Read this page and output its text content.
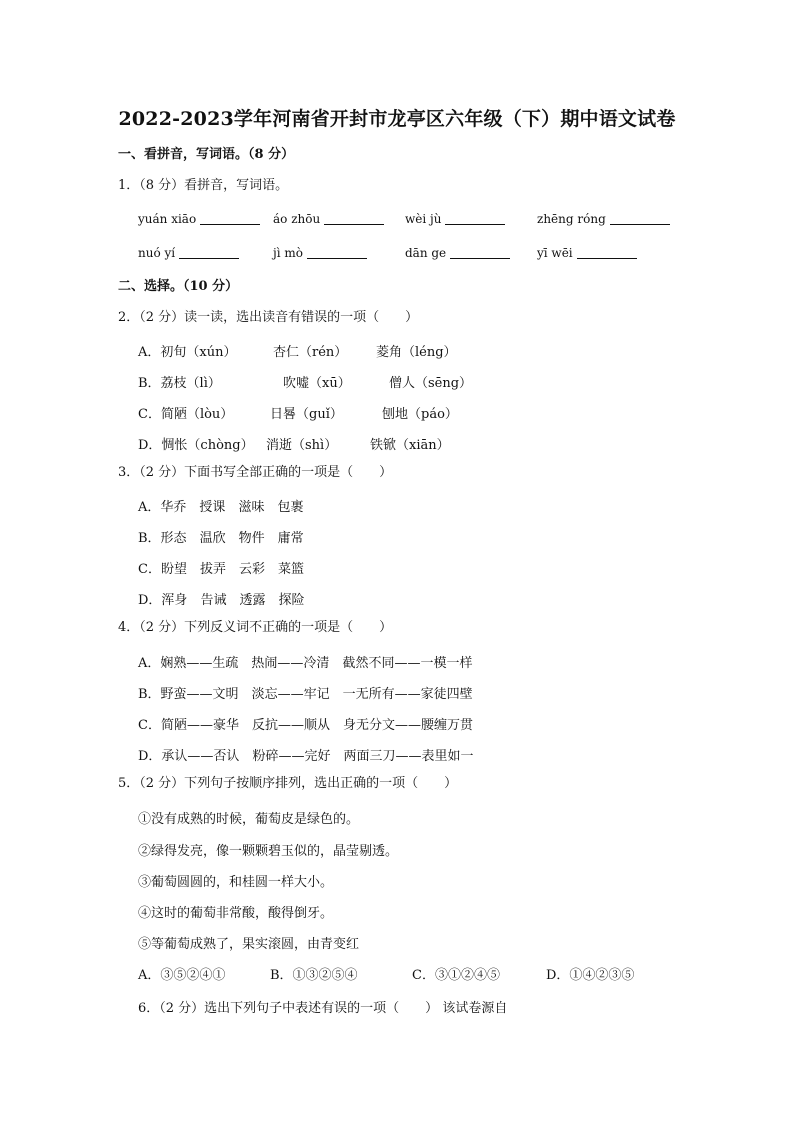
2022-2023学年河南省开封市龙亭区六年级（下）期中语文试卷
一、看拼音，写词语。（8 分）
1．（8 分）看拼音，写词语。
yuán xiāo	áo zhōu	wèi jù	zhēng róng
nuó yí	jì mò	dān ge	yī wēi
二、选择。（10 分）
2．（2 分）读一读，选出读音有错误的一项（　　）
A．初旬（xún）	杏仁（rén） 菱角（léng）
B．荔枝（lì）	吹嘘（xū）	僧人（sēng）
C．简陋（lòu）	日晷（guǐ）	刨地（páo）
D．惆怅（chòng） 消逝（shì）	铁锨（xiān）
3．（2 分）下面书写全部正确的一项是（　　）
A．华乔　 授课　 滋味　 包裹
B．形态　 温欣　 物件　 庸常
C．盼望　 拔弄　 云彩　 菜篮
D．浑身　 告诫　 透露　 探险
4．（2 分）下列反义词不正确的一项是（　　）
A．娴熟——生疏　 热闹——冷清　 截然不同——一模一样
B．野蛮——文明　 淡忘——牢记　 一无所有——家徒四壁
C．简陋——豪华　 反抗——顺从　 身无分文——腰缠万贯
D．承认——否认　 粉碎——完好　 两面三刀——表里如一
5．（2 分）下列句子按顺序排列，选出正确的一项（　　）
①没有成熟的时候，葡萄皮是绿色的。
②绿得发亮，像一颗颗碧玉似的，晶莹剔透。
③葡萄圆圆的，和桂圆一样大小。
④这时的葡萄非常酸，酸得倒牙。
⑤等葡萄成熟了，果实滚圆，由青变红
A．③⑤②④①	B．①③②⑤④	C．③①②④⑤	D．①④②③⑤
6．（2 分）选出下列句子中表述有误的一项（　　） 该试卷源自
